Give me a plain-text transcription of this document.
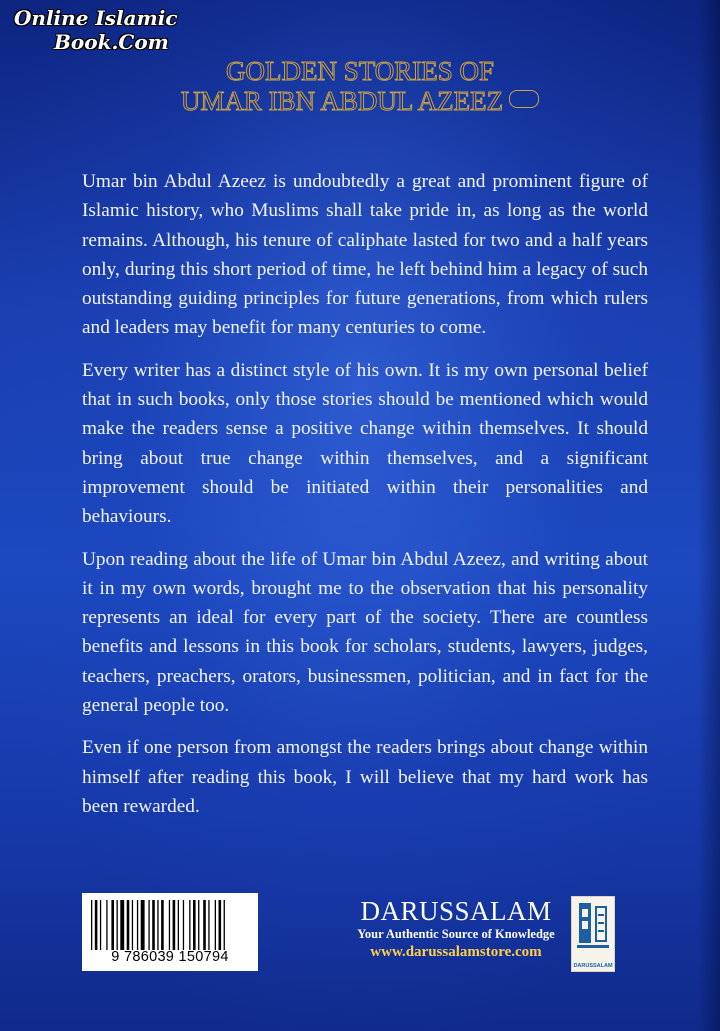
Online Islamic
Book.Com
GOLDEN STORIES OF
UMAR IBN ABDUL AZEEZ

Umar bin Abdul Azeez is undoubtedly a great and prominent figure of Islamic history, who Muslims shall take pride in, as long as the world remains. Although, his tenure of caliphate lasted for two and a half years only, during this short period of time, he left behind him a legacy of such outstanding guiding principles for future generations, from which rulers and leaders may benefit for many centuries to come.

Every writer has a distinct style of his own. It is my own personal belief that in such books, only those stories should be mentioned which would make the readers sense a positive change within themselves. It should bring about true change within themselves, and a significant improvement should be initiated within their personalities and behaviours.

Upon reading about the life of Umar bin Abdul Azeez, and writing about it in my own words, brought me to the observation that his personality represents an ideal for every part of the society. There are countless benefits and lessons in this book for scholars, students, lawyers, judges, teachers, preachers, orators, businessmen, politician, and in fact for the general people too.

Even if one person from amongst the readers brings about change within himself after reading this book, I will believe that my hard work has been rewarded.

9 786039 150794
DARUSSALAM
Your Authentic Source of Knowledge
www.darussalamstore.com
DARUSSALAM
